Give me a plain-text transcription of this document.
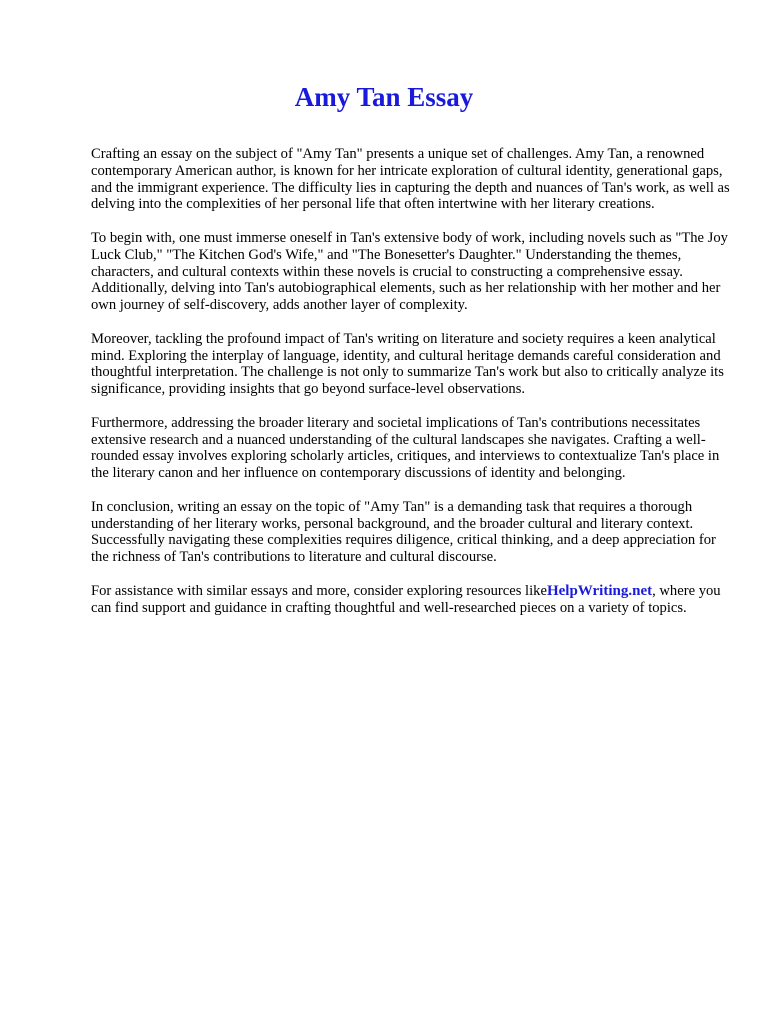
Amy Tan Essay

Crafting an essay on the subject of "Amy Tan" presents a unique set of challenges. Amy Tan, a renowned contemporary American author, is known for her intricate exploration of cultural identity, generational gaps, and the immigrant experience. The difficulty lies in capturing the depth and nuances of Tan's work, as well as delving into the complexities of her personal life that often intertwine with her literary creations.

To begin with, one must immerse oneself in Tan's extensive body of work, including novels such as "The Joy Luck Club," "The Kitchen God's Wife," and "The Bonesetter's Daughter." Understanding the themes, characters, and cultural contexts within these novels is crucial to constructing a comprehensive essay. Additionally, delving into Tan's autobiographical elements, such as her relationship with her mother and her own journey of self-discovery, adds another layer of complexity.

Moreover, tackling the profound impact of Tan's writing on literature and society requires a keen analytical mind. Exploring the interplay of language, identity, and cultural heritage demands careful consideration and thoughtful interpretation. The challenge is not only to summarize Tan's work but also to critically analyze its significance, providing insights that go beyond surface-level observations.

Furthermore, addressing the broader literary and societal implications of Tan's contributions necessitates extensive research and a nuanced understanding of the cultural landscapes she navigates. Crafting a well-rounded essay involves exploring scholarly articles, critiques, and interviews to contextualize Tan's place in the literary canon and her influence on contemporary discussions of identity and belonging.

In conclusion, writing an essay on the topic of "Amy Tan" is a demanding task that requires a thorough understanding of her literary works, personal background, and the broader cultural and literary context. Successfully navigating these complexities requires diligence, critical thinking, and a deep appreciation for the richness of Tan's contributions to literature and cultural discourse.

For assistance with similar essays and more, consider exploring resources likeHelpWriting.net, where you can find support and guidance in crafting thoughtful and well-researched pieces on a variety of topics.
